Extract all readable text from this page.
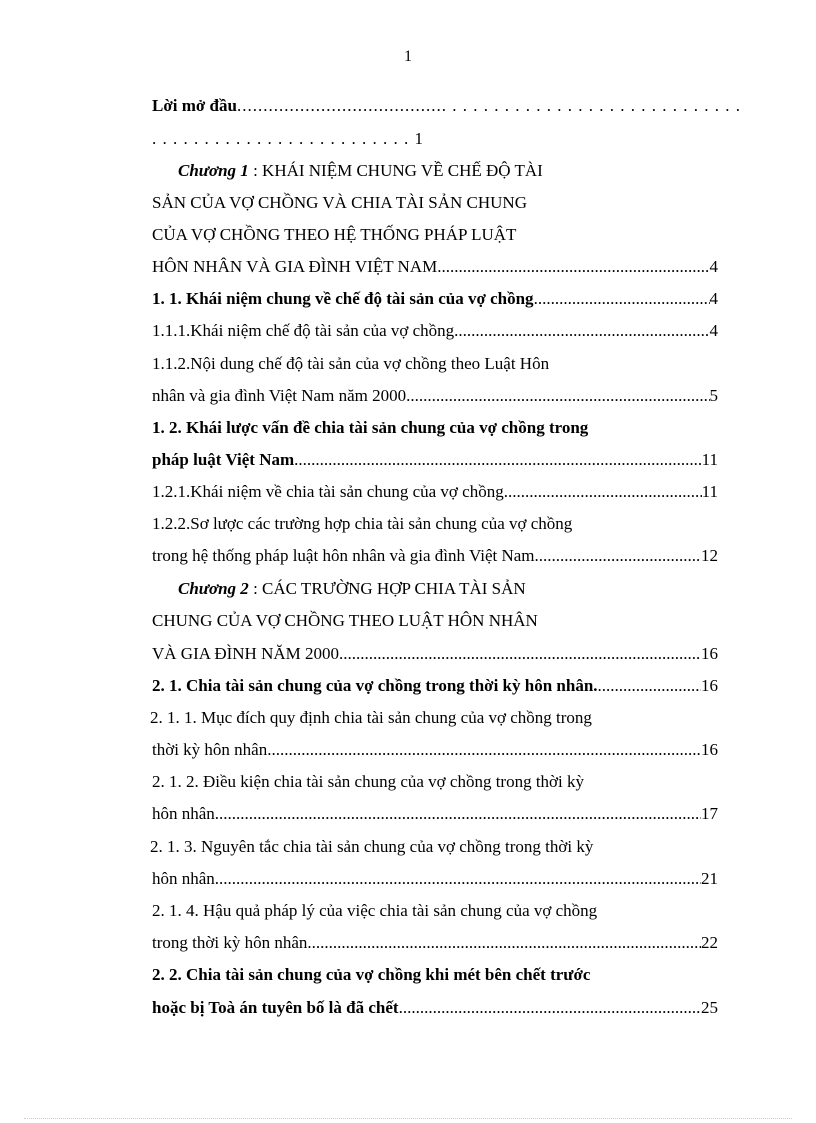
1
Lời mở đầu........................................ . . . . . . . . . . . . . . . . . . . . . . . . . . . .
. . . . . . . . . . . . . . . . . . . . . . . . . 1
Chương 1 : KHÁI NIỆM CHUNG VỀ CHẾ ĐỘ TÀI
SẢN CỦA VỢ CHỒNG VÀ CHIA TÀI SẢN CHUNG
CỦA VỢ CHỒNG THEO HỆ THỐNG PHÁP LUẬT
HÔN NHÂN VÀ GIA ĐÌNH VIỆT NAM .....	4
1. 1. Khái niệm chung về chế độ tài sản của vợ chồng .....	4
1.1.1.Khái niệm chế độ tài sản của vợ chồng .....	4
1.1.2.Nội dung chế độ tài sản của vợ chồng theo Luật Hôn
nhân và gia đình Việt Nam năm 2000 .....	5
1. 2. Khái lược vấn đề chia tài sản chung của vợ chồng trong
pháp luật Việt Nam .....	11
1.2.1.Khái niệm về chia tài sản chung của vợ chồng .....	11
1.2.2.Sơ lược các trường hợp chia tài sản chung của vợ chồng
trong hệ thống pháp luật hôn nhân và gia đình Việt Nam. .....	12
Chương 2 : CÁC TRƯỜNG HỢP CHIA TÀI SẢN
CHUNG CỦA VỢ CHỒNG THEO LUẬT HÔN NHÂN
VÀ GIA ĐÌNH NĂM 2000 .....	16
2. 1. Chia tài sản chung của vợ chồng trong thời kỳ hôn nhân. .....	16
2. 1. 1. Mục đích quy định chia tài sản chung của vợ chồng trong
thời kỳ hôn nhân .....	16
2. 1. 2. Điều kiện chia tài sản chung của vợ chồng trong thời kỳ
hôn nhân .....	17
2. 1. 3. Nguyên tắc chia tài sản chung của vợ chồng trong thời kỳ
hôn nhân .....	21
2. 1. 4. Hậu quả pháp lý của việc chia tài sản chung của vợ chồng
trong thời kỳ hôn nhân .....	22
2. 2. Chia tài sản chung của vợ chồng khi mét bên chết trước
hoặc bị Toà án tuyên bố là đã chết .....	25
